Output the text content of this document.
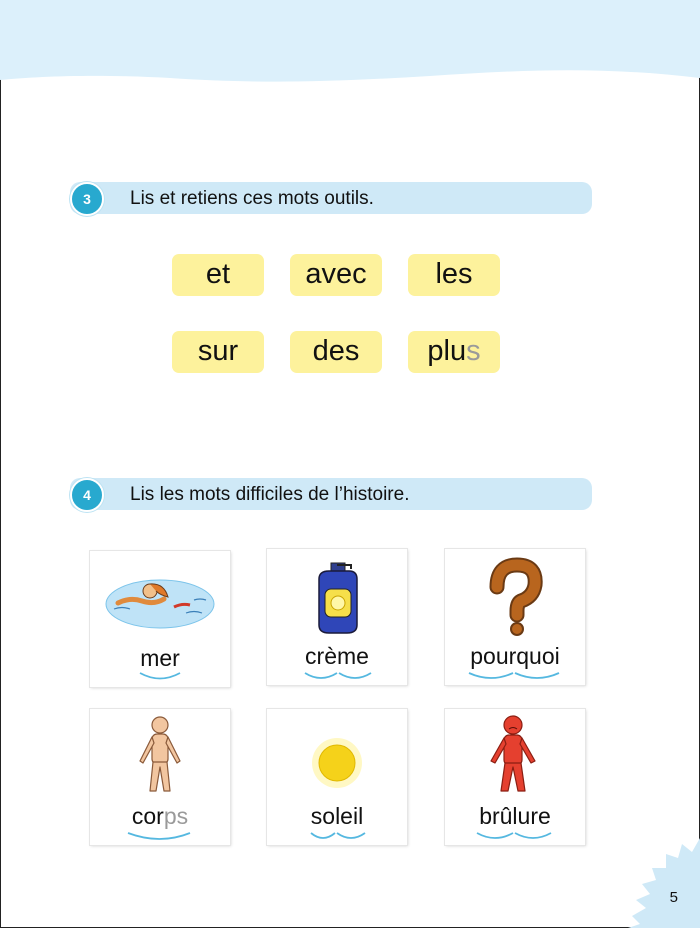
3	Lis et retiens ces mots outils.
et	avec	les
sur	des	plus
4	Lis les mots difficiles de l’histoire.
mer	crème	pourquoi
corps	soleil	brûlure
5
